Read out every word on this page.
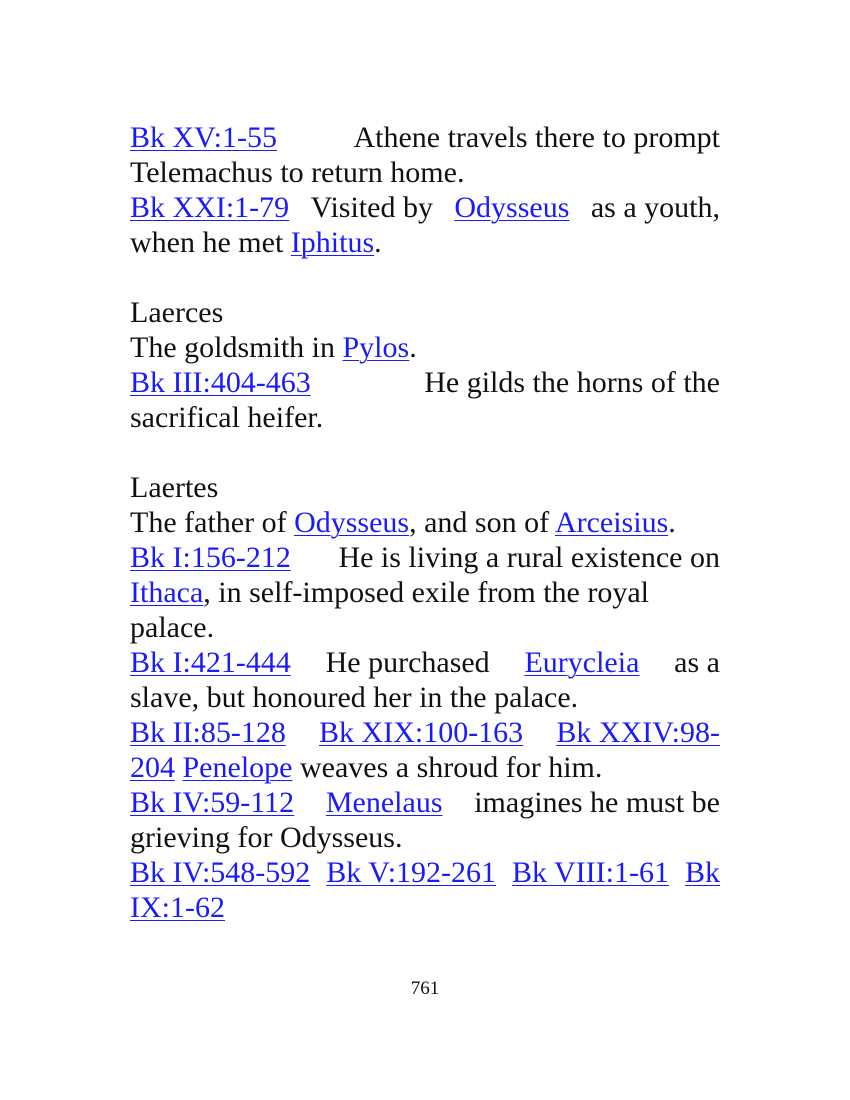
Bk XV:1-55	Athene travels there to prompt
Telemachus to return home.
Bk XXI:1-79 Visited by Odysseus as a youth,
when he met Iphitus.
Laerces
The goldsmith in Pylos.
Bk III:404-463	He gilds the horns of the
sacrifical heifer.
Laertes
The father of Odysseus, and son of Arceisius.
Bk I:156-212 He is living a rural existence on
Ithaca , in self-imposed exile from the royal
palace.
Bk I:421-444 He purchased Eurycleia as a
slave, but honoured her in the palace.
Bk II:85-128 Bk XIX:100-163 Bk XXIV:98-
204 Penelope weaves a shroud for him.
Bk IV:59-112 Menelaus imagines he must be
grieving for Odysseus.
Bk IV:548-592 Bk V:192-261 Bk VIII:1-61 Bk
IX:1-62
761
